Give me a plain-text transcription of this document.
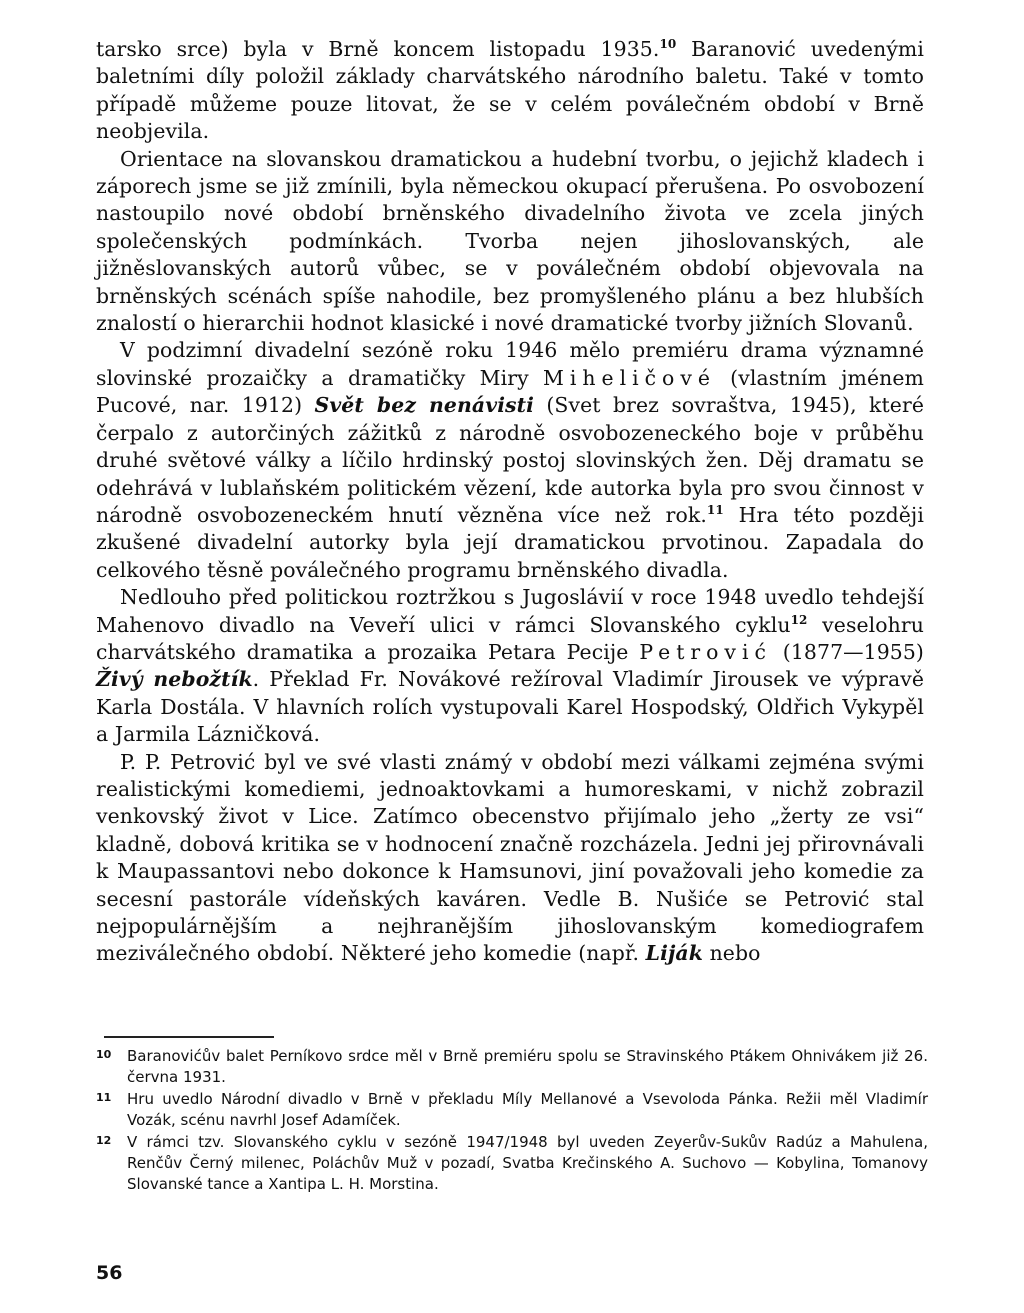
tarsko srce) byla v Brně koncem listopadu 1935.10 Baranović uvedenými baletními díly položil základy charvátského národního baletu. Také v tomto případě můžeme pouze litovat, že se v celém poválečném období v Brně neobjevila.

Orientace na slovanskou dramatickou a hudební tvorbu, o jejichž kladech i záporech jsme se již zmínili, byla německou okupací přerušena. Po osvobození nastoupilo nové období brněnského divadelního života ve zcela jiných společenských podmínkách. Tvorba nejen jihoslovanských, ale jižněslovanských autorů vůbec, se v poválečném období objevovala na brněnských scénách spíše nahodile, bez promyšleného plánu a bez hlubších znalostí o hierarchii hodnot klasické i nové dramatické tvorby jižních Slovanů.

V podzimní divadelní sezóně roku 1946 mělo premiéru drama významné slovinské prozaičky a dramatičky Miry Miheličové (vlastním jménem Pucové, nar. 1912) Svět bez nenávisti (Svet brez sovraštva, 1945), které čerpalo z autorčiných zážitků z národně osvobozeneckého boje v průběhu druhé světové války a líčilo hrdinský postoj slovinských žen. Děj dramatu se odehrává v lublaňském politickém vězení, kde autorka byla pro svou činnost v národně osvobozeneckém hnutí vězněna více než rok.$^{11}$ Hra této později zkušené divadelní autorky byla její dramatickou prvotinou. Zapadala do celkového těsně poválečného programu brněnského divadla.

Nedlouho před politickou roztržkou s Jugoslávií v roce 1948 uvedlo tehdejší Mahenovo divadlo na Veveří ulici v rámci Slovanského cyklu$^{12}$ veselohru charvátského dramatika a prozaika Petara Pecije Petrović (1877—1955) Živý nebožtík. Překlad Fr. Novákové režíroval Vladimír Jirousek ve výpravě Karla Dostála. V hlavních rolích vystupovali Karel Hospodský, Oldřich Vykypěl a Jarmila Lázničková.

P. P. Petrović byl ve své vlasti známý v období mezi válkami zejména svými realistickými komediemi, jednoaktovkami a humoreskami, v nichž zobrazil venkovský život v Lice. Zatímco obecenstvo přijímalo jeho „žerty ze vsi“ kladně, dobová kritika se v hodnocení značně rozcházela. Jedni jej přirovnávali k Maupassantovi nebo dokonce k Hamsunovi, jiní považovali jeho komedie za secesní pastorále vídeňských kaváren. Vedle B. Nušiće se Petrović stal nejpopulárnějším a nejhranějším jihoslovanským komediografem meziválečného období. Některé jeho komedie (např. Liják nebo

10 Baranovićův balet Perníkovo srdce měl v Brně premiéru spolu se Stravinského Ptákem Ohnivákem již 26. června 1931.

11 Hru uvedlo Národní divadlo v Brně v překladu Míly Mellanové a Vsevoloda Pánka. Režii měl Vladimír Vozák, scénu navrhl Josef Adamíček.

12 V rámci tzv. Slovanského cyklu v sezóně 1947/1948 byl uveden Zeyerův-Sukův Radúz a Mahulena, Renčův Černý milenec, Poláchův Muž v pozadí, Svatba Krečinského A. Suchovo — Kobylina, Tomanovy Slovanské tance a Xantipa L. H. Morstina.

56
